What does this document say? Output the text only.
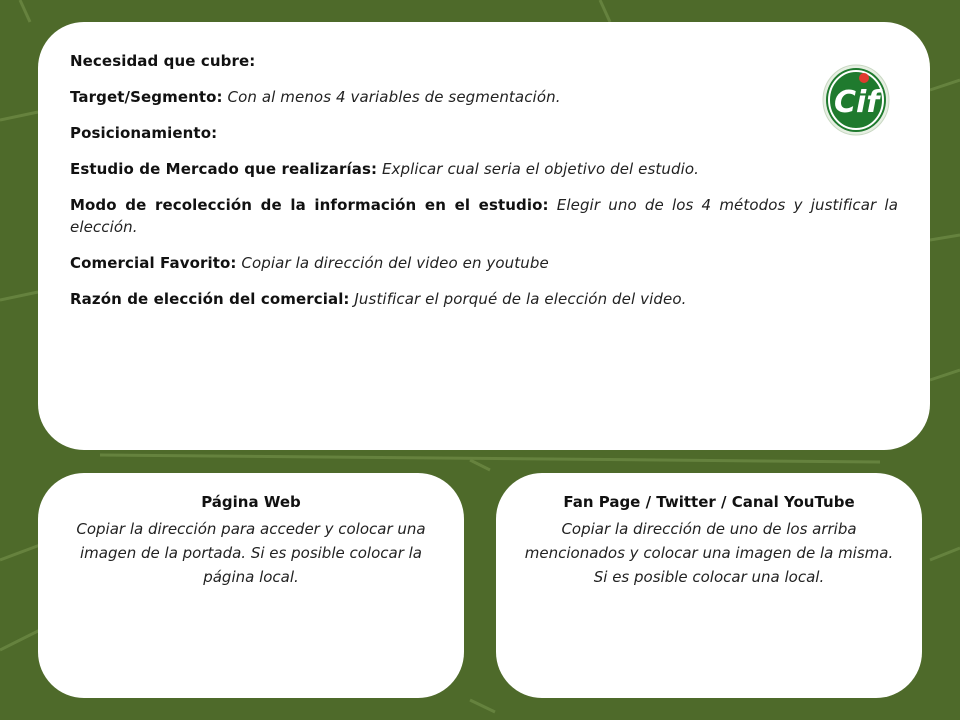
Necesidad que cubre:

Target/Segmento: Con al menos 4 variables de segmentación.

Posicionamiento:

Estudio de Mercado que realizarías: Explicar cual seria el objetivo del estudio.

Modo de recolección de la información en el estudio: Elegir uno de los 4 métodos y justificar la elección.

Comercial Favorito: Copiar la dirección del video en youtube

Razón de elección del comercial: Justificar el porqué de la elección del video.

Cif
Página Web
Copiar la dirección para acceder y colocar una imagen de la portada. Si es posible colocar la página local.
Fan Page / Twitter / Canal YouTube
Copiar la dirección de uno de los arriba mencionados y colocar una imagen de la misma. Si es posible colocar una local.
